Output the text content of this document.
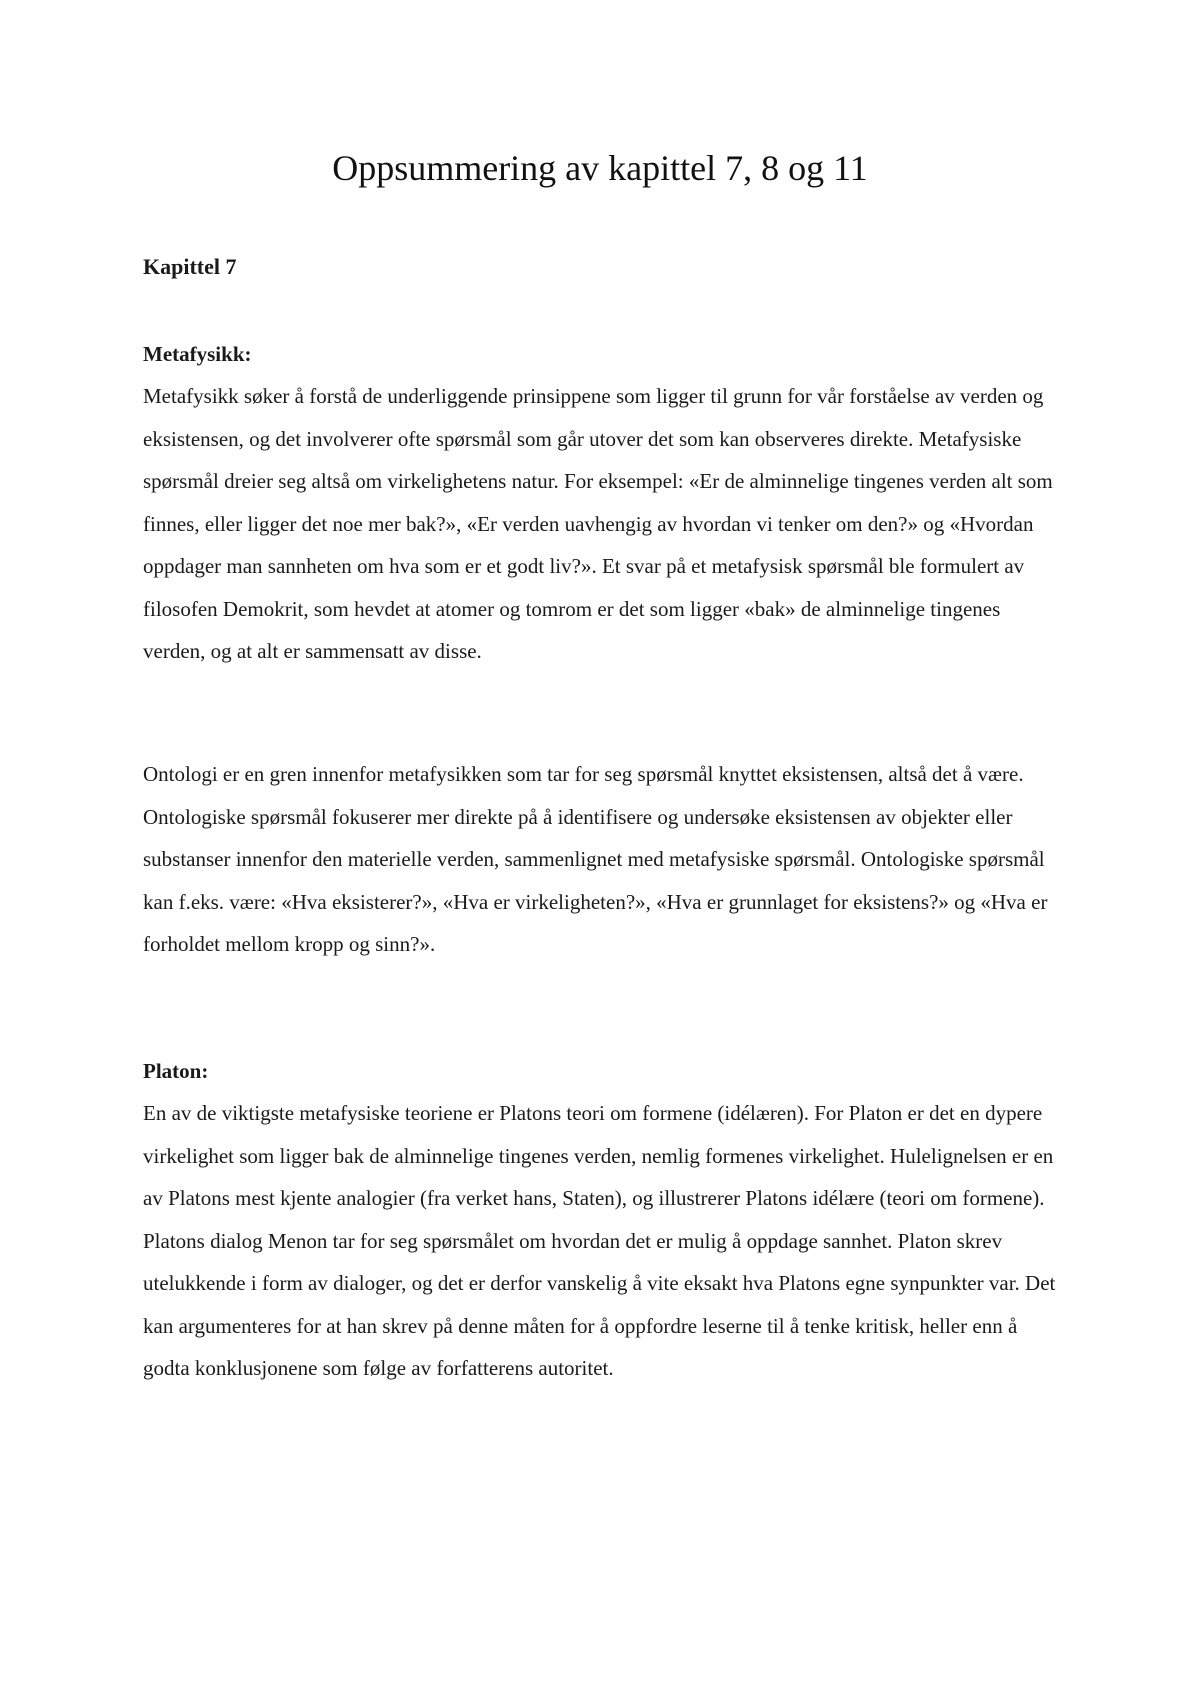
Oppsummering av kapittel 7, 8 og 11
Kapittel 7
Metafysikk:

Metafysikk søker å forstå de underliggende prinsippene som ligger til grunn for vår forståelse av verden og eksistensen, og det involverer ofte spørsmål som går utover det som kan observeres direkte. Metafysiske spørsmål dreier seg altså om virkelighetens natur. For eksempel: «Er de alminnelige tingenes verden alt som finnes, eller ligger det noe mer bak?», «Er verden uavhengig av hvordan vi tenker om den?» og «Hvordan oppdager man sannheten om hva som er et godt liv?». Et svar på et metafysisk spørsmål ble formulert av filosofen Demokrit, som hevdet at atomer og tomrom er det som ligger «bak» de alminnelige tingenes verden, og at alt er sammensatt av disse.

Ontologi er en gren innenfor metafysikken som tar for seg spørsmål knyttet eksistensen, altså det å være. Ontologiske spørsmål fokuserer mer direkte på å identifisere og undersøke eksistensen av objekter eller substanser innenfor den materielle verden, sammenlignet med metafysiske spørsmål. Ontologiske spørsmål kan f.eks. være: «Hva eksisterer?», «Hva er virkeligheten?», «Hva er grunnlaget for eksistens?» og «Hva er forholdet mellom kropp og sinn?».

Platon:

En av de viktigste metafysiske teoriene er Platons teori om formene (idélæren). For Platon er det en dypere virkelighet som ligger bak de alminnelige tingenes verden, nemlig formenes virkelighet. Hulelignelsen er en av Platons mest kjente analogier (fra verket hans, Staten), og illustrerer Platons idélære (teori om formene). Platons dialog Menon tar for seg spørsmålet om hvordan det er mulig å oppdage sannhet. Platon skrev utelukkende i form av dialoger, og det er derfor vanskelig å vite eksakt hva Platons egne synpunkter var. Det kan argumenteres for at han skrev på denne måten for å oppfordre leserne til å tenke kritisk, heller enn å godta konklusjonene som følge av forfatterens autoritet.
